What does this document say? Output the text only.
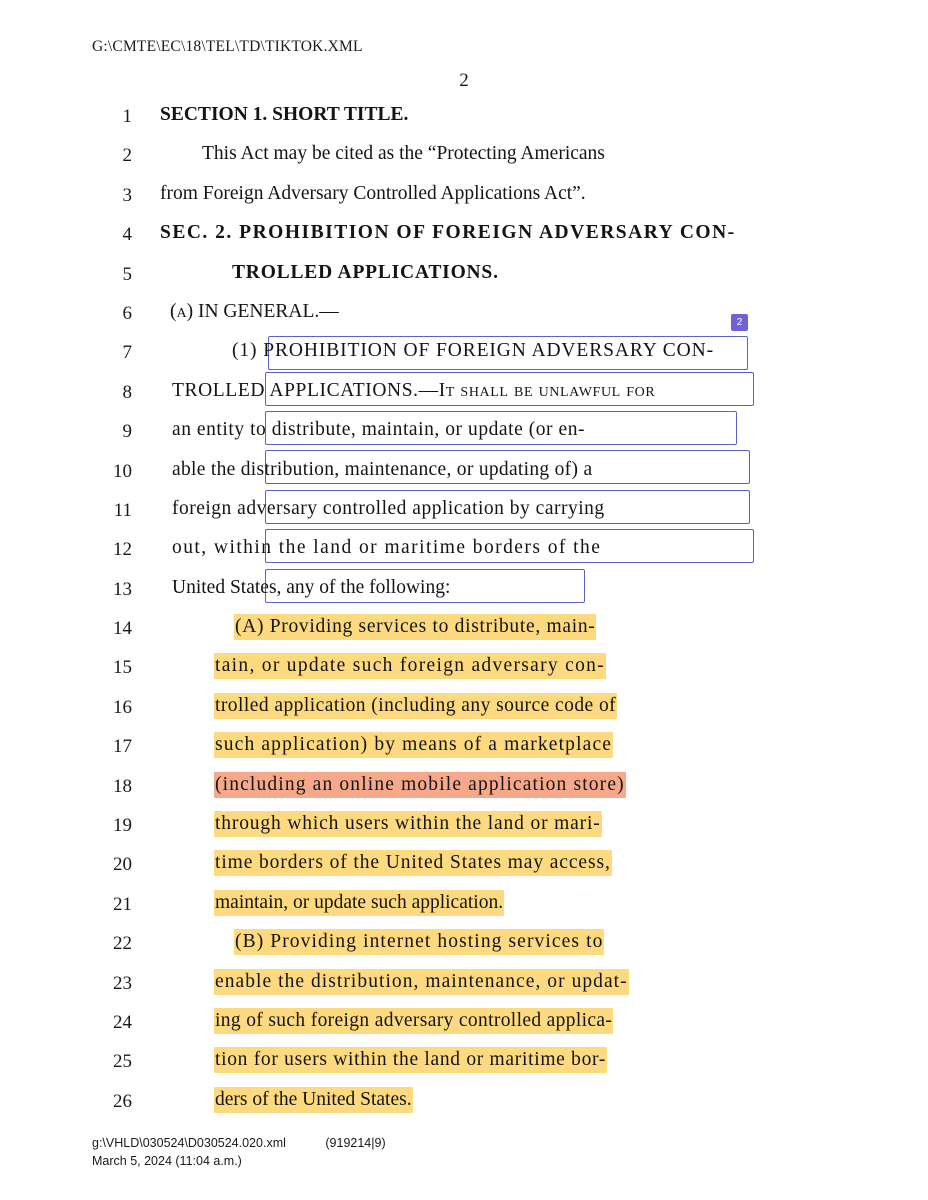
G:\CMTE\EC\18\TEL\TD\TIKTOK.XML
2
2
1	SECTION 1. SHORT TITLE.
2	This Act may be cited as the “Protecting Americans
3	from Foreign Adversary Controlled Applications Act”.
4	SEC. 2. PROHIBITION OF FOREIGN ADVERSARY CON-
5	TROLLED APPLICATIONS.
6	(a) IN GENERAL.—
7	(1) PROHIBITION OF FOREIGN ADVERSARY CON-
8	TROLLED APPLICATIONS.—It shall be unlawful for
9	an entity to distribute, maintain, or update (or en-
10	able the distribution, maintenance, or updating of) a
11	foreign adversary controlled application by carrying
12	out, within the land or maritime borders of the
13	United States, any of the following:
14	(A) Providing services to distribute, main-
15	tain, or update such foreign adversary con-
16	trolled application (including any source code of
17	such application) by means of a marketplace
18	(including an online mobile application store)
19	through which users within the land or mari-
20	time borders of the United States may access,
21	maintain, or update such application.
22	(B) Providing internet hosting services to
23	enable the distribution, maintenance, or updat-
24	ing of such foreign adversary controlled applica-
25	tion for users within the land or maritime bor-
26	ders of the United States.
g:\VHLD\030524\D030524.020.xml	(919214|9)
March 5, 2024 (11:04 a.m.)
